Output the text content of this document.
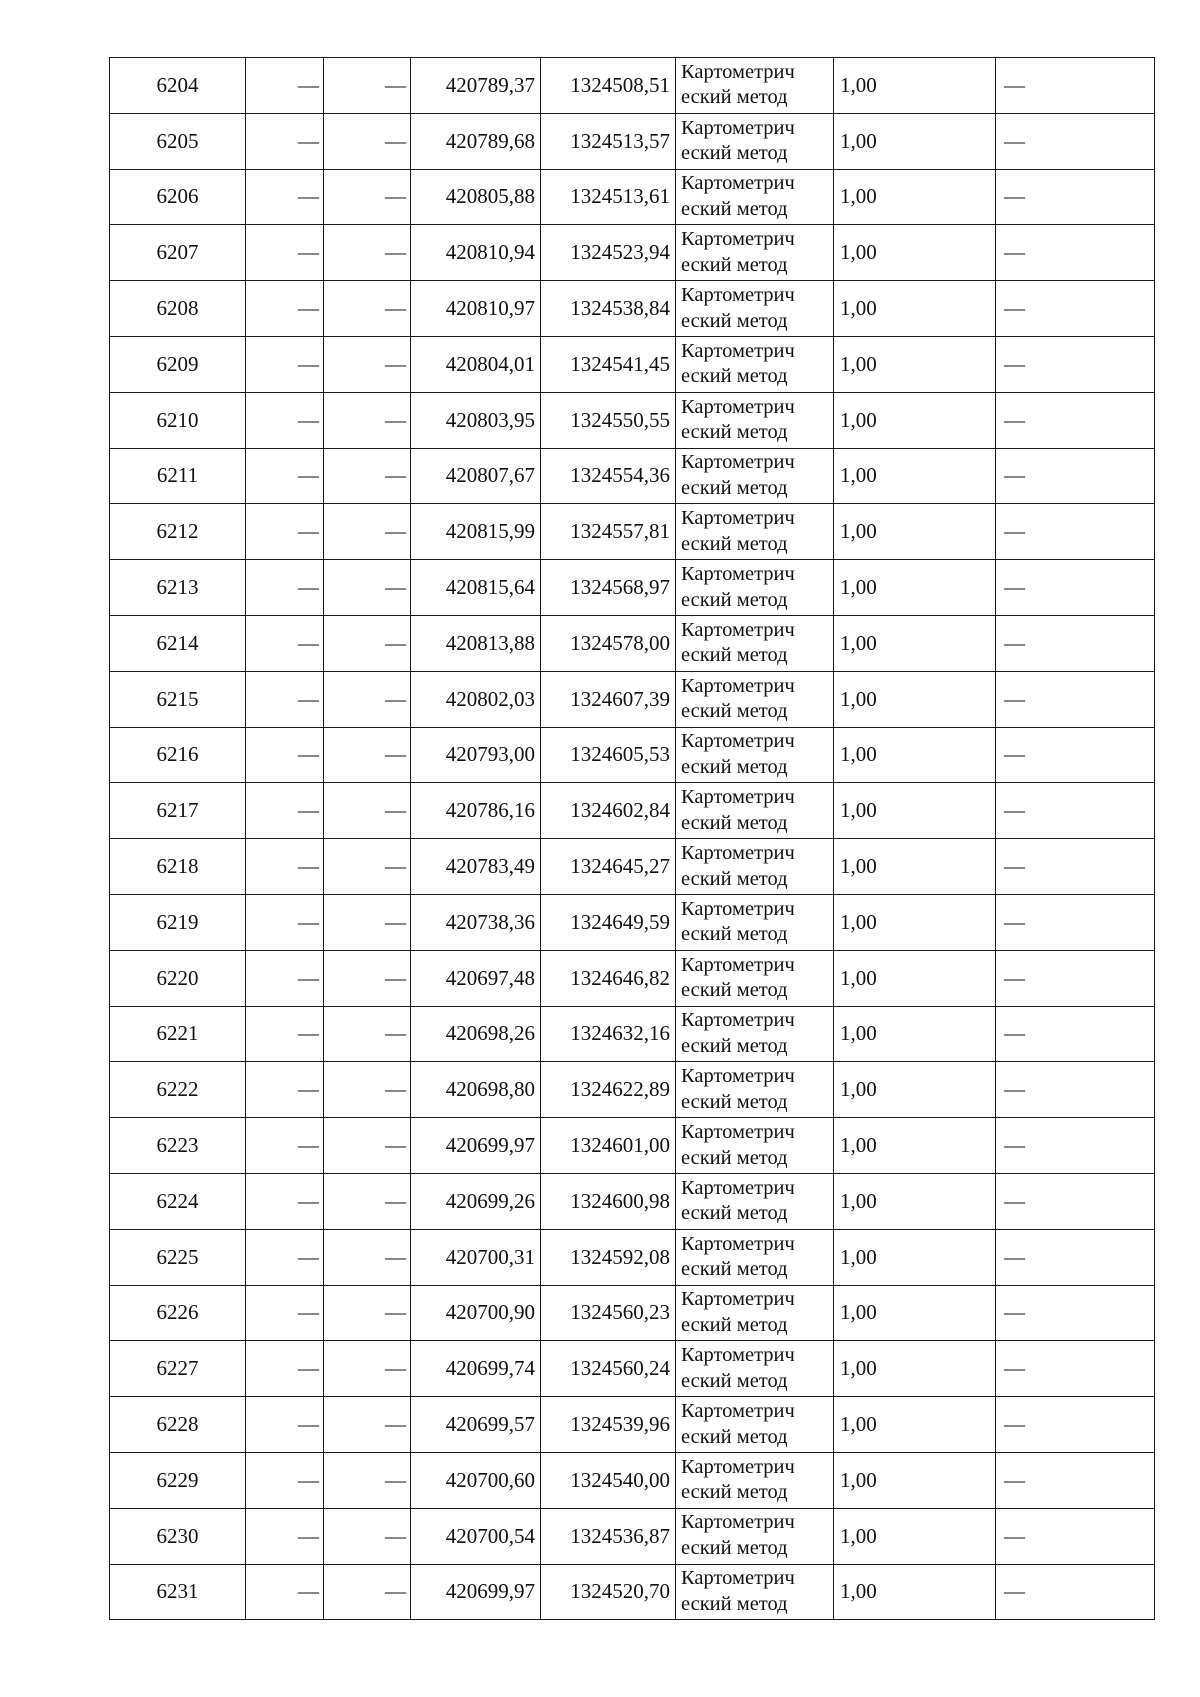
6204	—	—	420789,37	1324508,51	Картометрич еский метод	1,00	—
6205	—	—	420789,68	1324513,57	Картометрич еский метод	1,00	—
6206	—	—	420805,88	1324513,61	Картометрич еский метод	1,00	—
6207	—	—	420810,94	1324523,94	Картометрич еский метод	1,00	—
6208	—	—	420810,97	1324538,84	Картометрич еский метод	1,00	—
6209	—	—	420804,01	1324541,45	Картометрич еский метод	1,00	—
6210	—	—	420803,95	1324550,55	Картометрич еский метод	1,00	—
6211	—	—	420807,67	1324554,36	Картометрич еский метод	1,00	—
6212	—	—	420815,99	1324557,81	Картометрич еский метод	1,00	—
6213	—	—	420815,64	1324568,97	Картометрич еский метод	1,00	—
6214	—	—	420813,88	1324578,00	Картометрич еский метод	1,00	—
6215	—	—	420802,03	1324607,39	Картометрич еский метод	1,00	—
6216	—	—	420793,00	1324605,53	Картометрич еский метод	1,00	—
6217	—	—	420786,16	1324602,84	Картометрич еский метод	1,00	—
6218	—	—	420783,49	1324645,27	Картометрич еский метод	1,00	—
6219	—	—	420738,36	1324649,59	Картометрич еский метод	1,00	—
6220	—	—	420697,48	1324646,82	Картометрич еский метод	1,00	—
6221	—	—	420698,26	1324632,16	Картометрич еский метод	1,00	—
6222	—	—	420698,80	1324622,89	Картометрич еский метод	1,00	—
6223	—	—	420699,97	1324601,00	Картометрич еский метод	1,00	—
6224	—	—	420699,26	1324600,98	Картометрич еский метод	1,00	—
6225	—	—	420700,31	1324592,08	Картометрич еский метод	1,00	—
6226	—	—	420700,90	1324560,23	Картометрич еский метод	1,00	—
6227	—	—	420699,74	1324560,24	Картометрич еский метод	1,00	—
6228	—	—	420699,57	1324539,96	Картометрич еский метод	1,00	—
6229	—	—	420700,60	1324540,00	Картометрич еский метод	1,00	—
6230	—	—	420700,54	1324536,87	Картометрич еский метод	1,00	—
6231	—	—	420699,97	1324520,70	Картометрич еский метод	1,00	—
